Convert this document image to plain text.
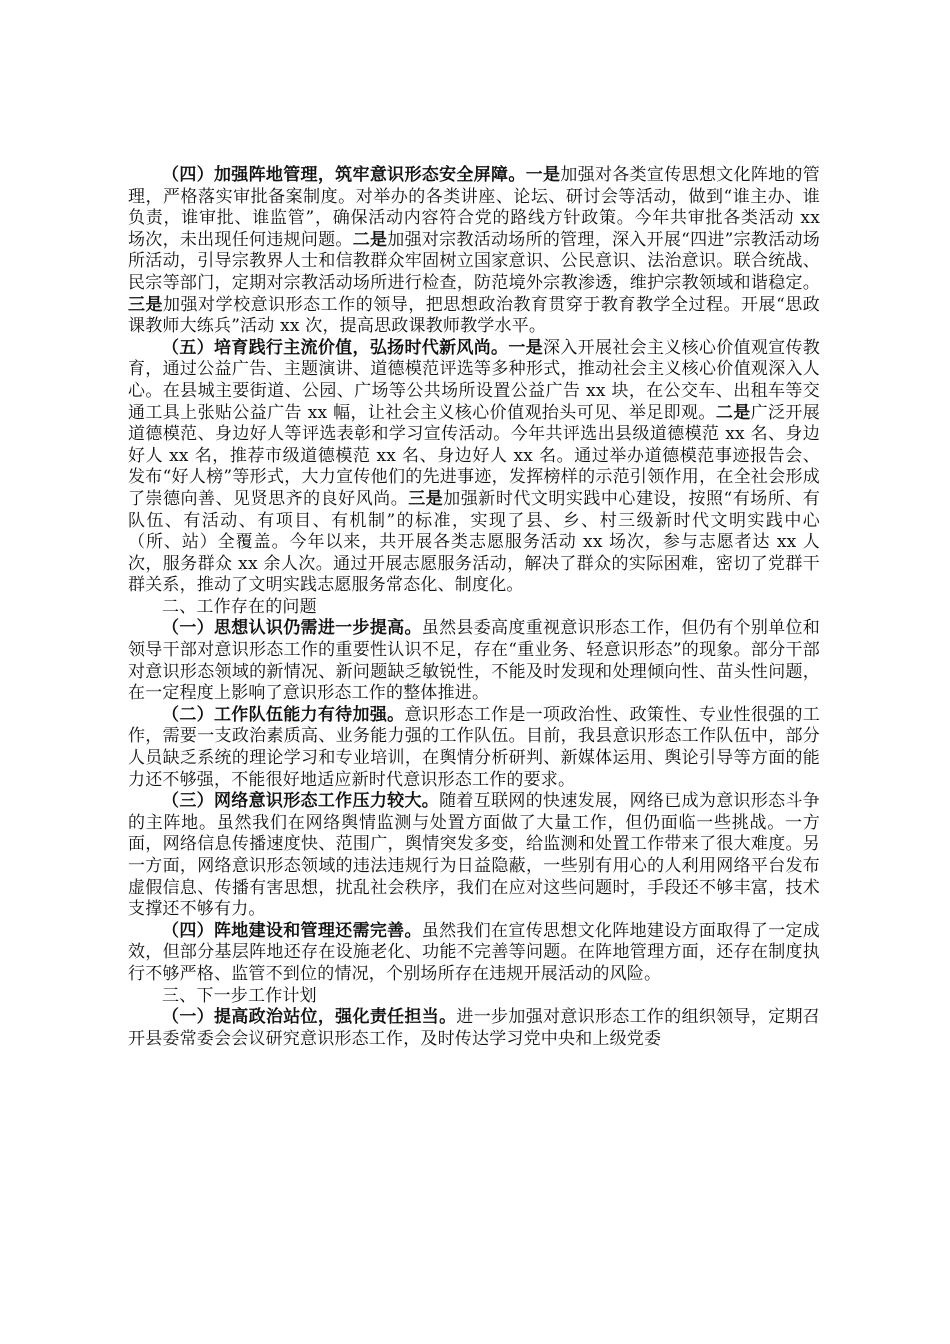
（四）加强阵地管理，筑牢意识形态安全屏障。一是加强对各类宣传思想文化阵地的管理，严格落实审批备案制度。对举办的各类讲座、论坛、研讨会等活动，做到“谁主办、谁负责，谁审批、谁监管”，确保活动内容符合党的路线方针政策。今年共审批各类活动 xx 场次，未出现任何违规问题。二是加强对宗教活动场所的管理，深入开展“四进”宗教活动场所活动，引导宗教界人士和信教群众牢固树立国家意识、公民意识、法治意识。联合统战、民宗等部门，定期对宗教活动场所进行检查，防范境外宗教渗透，维护宗教领域和谐稳定。三是加强对学校意识形态工作的领导，把思想政治教育贯穿于教育教学全过程。开展“思政课教师大练兵”活动 xx 次，提高思政课教师教学水平。

（五）培育践行主流价值，弘扬时代新风尚。一是深入开展社会主义核心价值观宣传教育，通过公益广告、主题演讲、道德模范评选等多种形式，推动社会主义核心价值观深入人心。在县城主要街道、公园、广场等公共场所设置公益广告 xx 块，在公交车、出租车等交通工具上张贴公益广告 xx 幅，让社会主义核心价值观抬头可见、举足即观。二是广泛开展道德模范、身边好人等评选表彰和学习宣传活动。今年共评选出县级道德模范 xx 名、身边好人 xx 名，推荐市级道德模范 xx 名、身边好人 xx 名。通过举办道德模范事迹报告会、发布“好人榜”等形式，大力宣传他们的先进事迹，发挥榜样的示范引领作用，在全社会形成了崇德向善、见贤思齐的良好风尚。三是加强新时代文明实践中心建设，按照“有场所、有队伍、有活动、有项目、有机制”的标准，实现了县、乡、村三级新时代文明实践中心（所、站）全覆盖。今年以来，共开展各类志愿服务活动 xx 场次，参与志愿者达 xx 人次，服务群众 xx 余人次。通过开展志愿服务活动，解决了群众的实际困难，密切了党群干群关系，推动了文明实践志愿服务常态化、制度化。

二、工作存在的问题

（一）思想认识仍需进一步提高。虽然县委高度重视意识形态工作，但仍有个别单位和领导干部对意识形态工作的重要性认识不足，存在“重业务、轻意识形态”的现象。部分干部对意识形态领域的新情况、新问题缺乏敏锐性，不能及时发现和处理倾向性、苗头性问题，在一定程度上影响了意识形态工作的整体推进。

（二）工作队伍能力有待加强。意识形态工作是一项政治性、政策性、专业性很强的工作，需要一支政治素质高、业务能力强的工作队伍。目前，我县意识形态工作队伍中，部分人员缺乏系统的理论学习和专业培训，在舆情分析研判、新媒体运用、舆论引导等方面的能力还不够强，不能很好地适应新时代意识形态工作的要求。

（三）网络意识形态工作压力较大。随着互联网的快速发展，网络已成为意识形态斗争的主阵地。虽然我们在网络舆情监测与处置方面做了大量工作，但仍面临一些挑战。一方面，网络信息传播速度快、范围广，舆情突发多变，给监测和处置工作带来了很大难度。另一方面，网络意识形态领域的违法违规行为日益隐蔽，一些别有用心的人利用网络平台发布虚假信息、传播有害思想，扰乱社会秩序，我们在应对这些问题时，手段还不够丰富，技术支撑还不够有力。

（四）阵地建设和管理还需完善。虽然我们在宣传思想文化阵地建设方面取得了一定成效，但部分基层阵地还存在设施老化、功能不完善等问题。在阵地管理方面，还存在制度执行不够严格、监管不到位的情况，个别场所存在违规开展活动的风险。

三、下一步工作计划

（一）提高政治站位，强化责任担当。进一步加强对意识形态工作的组织领导，定期召开县委常委会会议研究意识形态工作，及时传达学习党中央和上级党委
